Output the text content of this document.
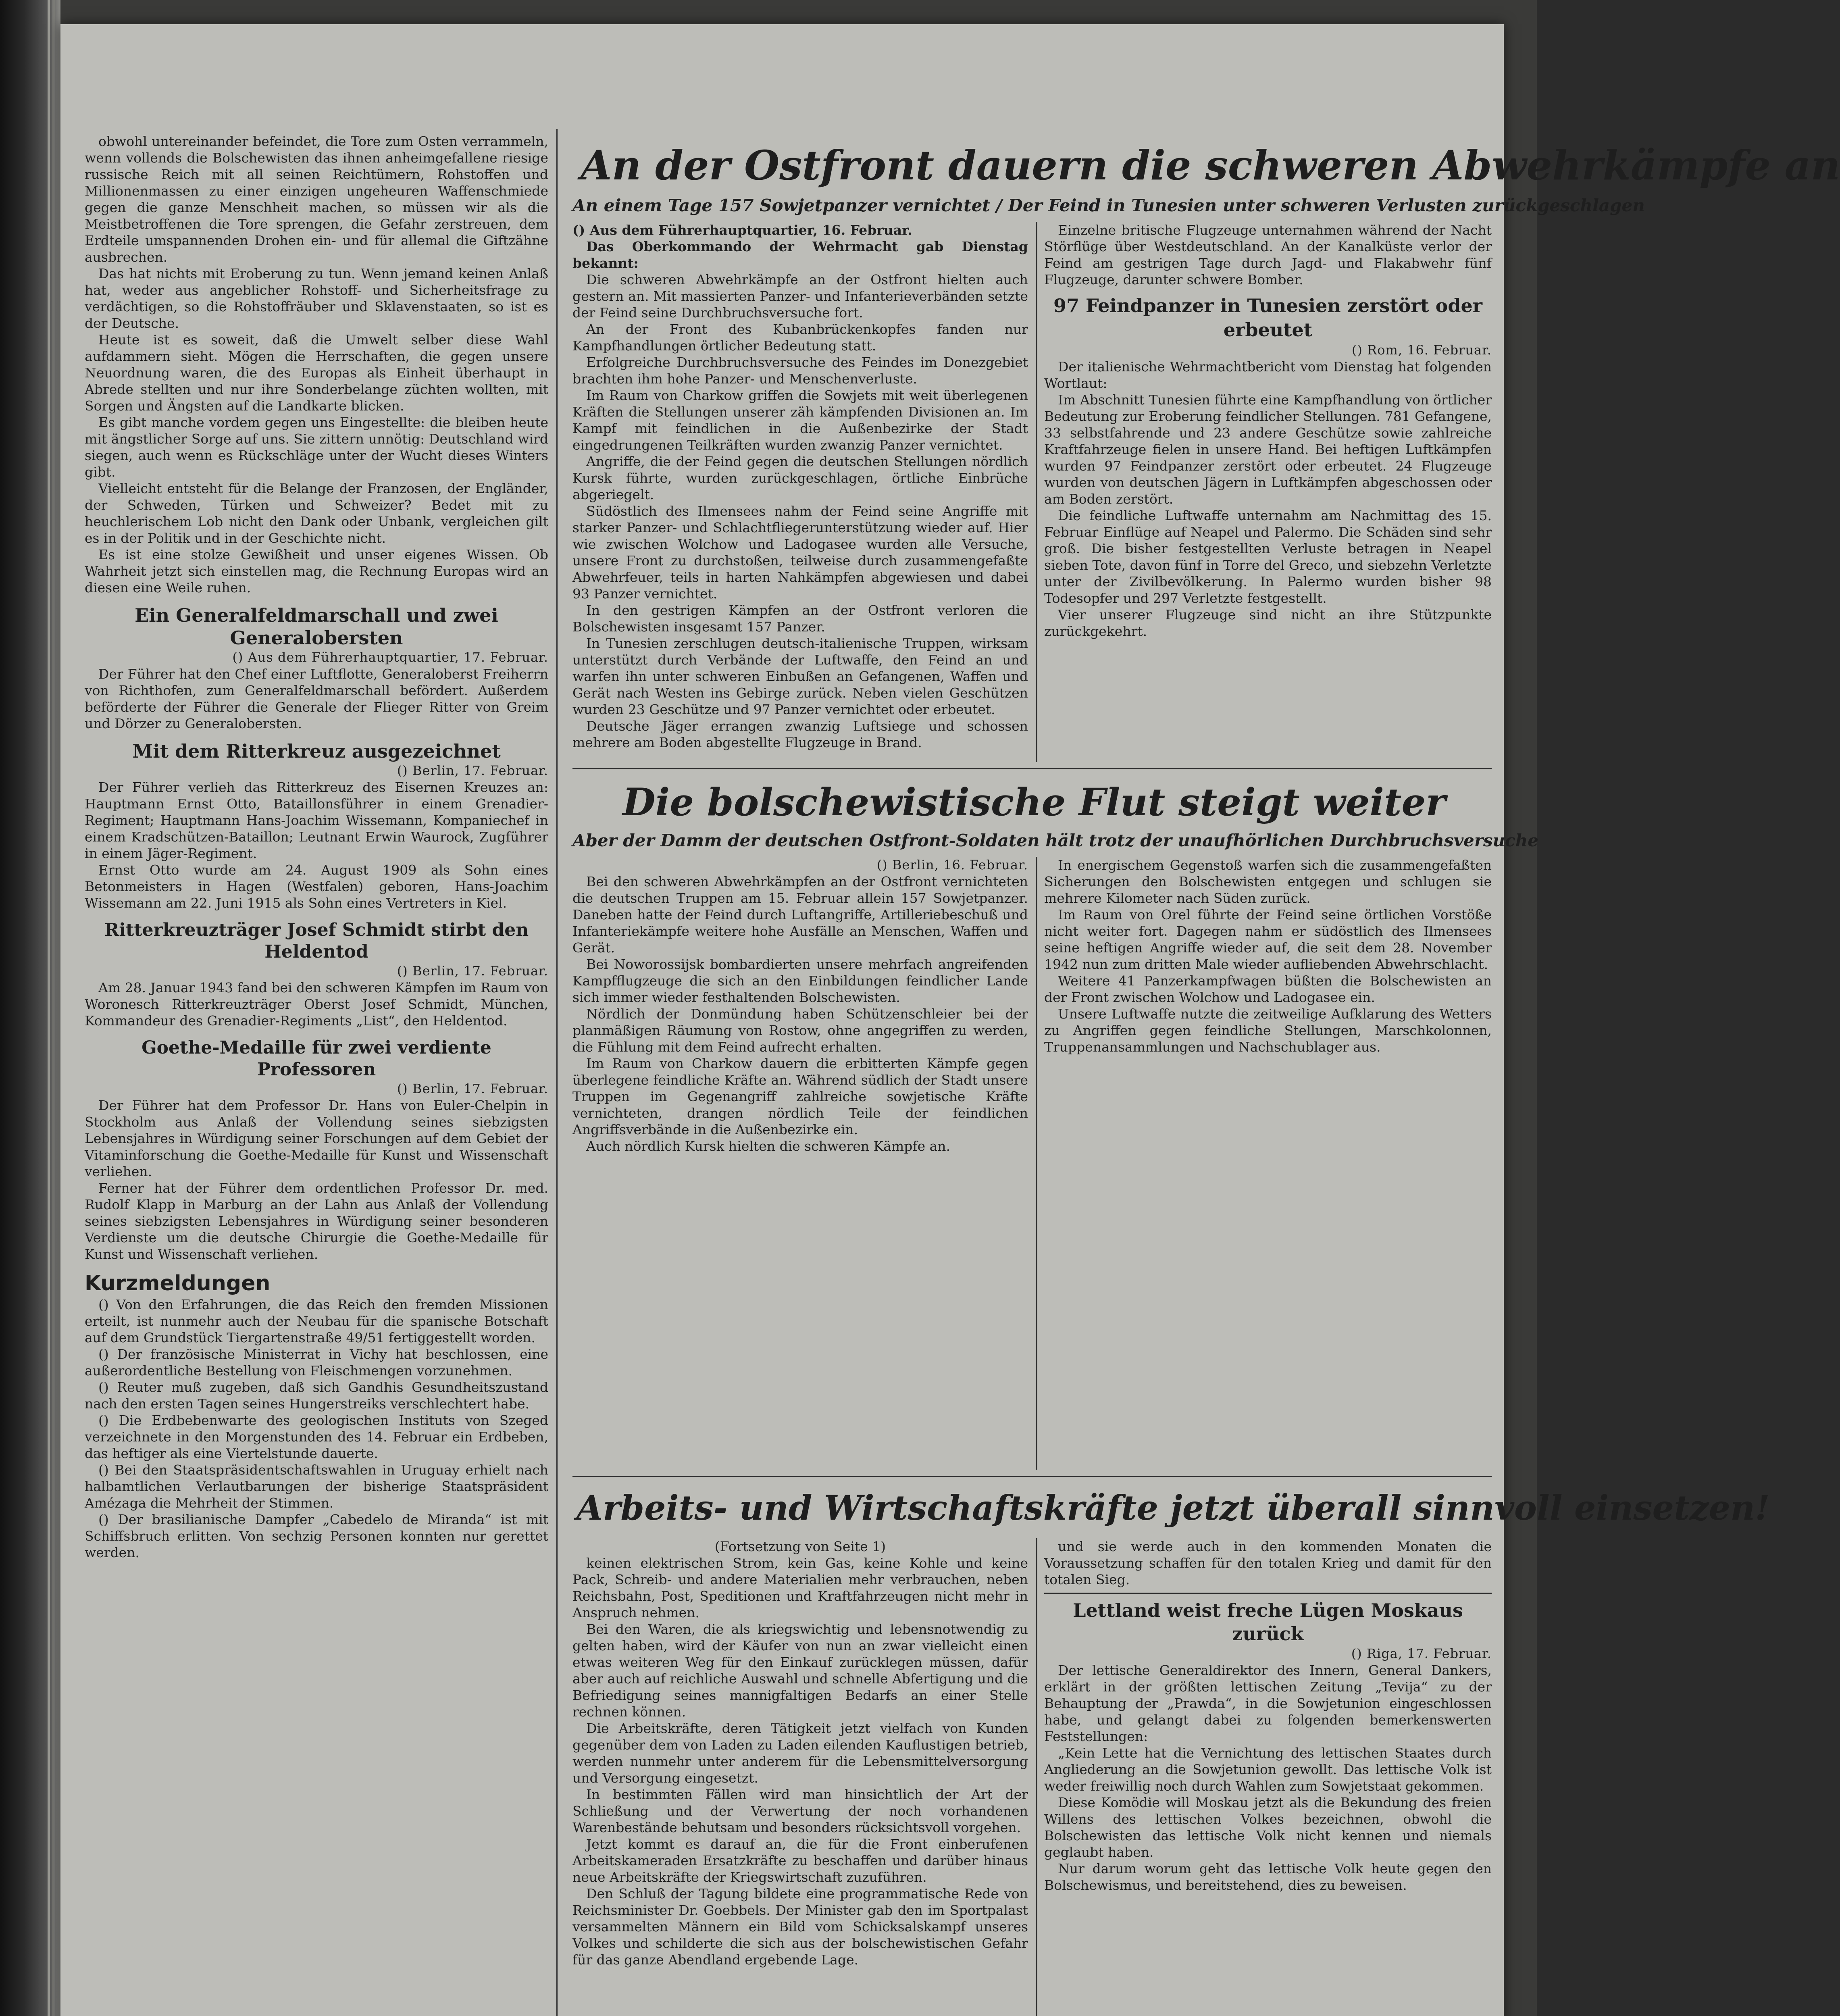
obwohl untereinander befeindet, die Tore zum Osten verrammeln, wenn vollends die Bolschewisten das ihnen anheimgefallene riesige russische Reich mit all seinen Reichtümern, Rohstoffen und Millionenmassen zu einer einzigen ungeheuren Waffenschmiede gegen die ganze Menschheit machen, so müssen wir als die Meistbetroffenen die Tore sprengen, die Gefahr zerstreuen, dem Erdteile umspannenden Drohen ein- und für allemal die Giftzähne ausbrechen.

Das hat nichts mit Eroberung zu tun. Wenn jemand keinen Anlaß hat, weder aus angeblicher Rohstoff- und Sicherheitsfrage zu verdächtigen, so die Rohstoffräuber und Sklavenstaaten, so ist es der Deutsche.

Heute ist es soweit, daß die Umwelt selber diese Wahl aufdammern sieht. Mögen die Herrschaften, die gegen unsere Neuordnung waren, die des Europas als Einheit überhaupt in Abrede stellten und nur ihre Sonderbelange züchten wollten, mit Sorgen und Ängsten auf die Landkarte blicken.

Es gibt manche vordem gegen uns Eingestellte: die bleiben heute mit ängstlicher Sorge auf uns. Sie zittern unnötig: Deutschland wird siegen, auch wenn es Rückschläge unter der Wucht dieses Winters gibt.

Vielleicht entsteht für die Belange der Franzosen, der Engländer, der Schweden, Türken und Schweizer? Bedet mit zu heuchlerischem Lob nicht den Dank oder Unbank, vergleichen gilt es in der Politik und in der Geschichte nicht.

Es ist eine stolze Gewißheit und unser eigenes Wissen. Ob Wahrheit jetzt sich einstellen mag, die Rechnung Europas wird an diesen eine Weile ruhen.

Ein Generalfeldmarschall und zwei Generalobersten
() Aus dem Führerhauptquartier, 17. Februar.

Der Führer hat den Chef einer Luftflotte, Generaloberst Freiherrn von Richthofen, zum Generalfeldmarschall befördert. Außerdem beförderte der Führer die Generale der Flieger Ritter von Greim und Dörzer zu Generalobersten.

Mit dem Ritterkreuz ausgezeichnet
() Berlin, 17. Februar.

Der Führer verlieh das Ritterkreuz des Eisernen Kreuzes an: Hauptmann Ernst Otto, Bataillonsführer in einem Grenadier-Regiment; Hauptmann Hans-Joachim Wissemann, Kompaniechef in einem Kradschützen-Bataillon; Leutnant Erwin Waurock, Zugführer in einem Jäger-Regiment.

Ernst Otto wurde am 24. August 1909 als Sohn eines Betonmeisters in Hagen (Westfalen) geboren, Hans-Joachim Wissemann am 22. Juni 1915 als Sohn eines Vertreters in Kiel.

Ritterkreuzträger Josef Schmidt stirbt den Heldentod
() Berlin, 17. Februar.

Am 28. Januar 1943 fand bei den schweren Kämpfen im Raum von Woronesch Ritterkreuzträger Oberst Josef Schmidt, München, Kommandeur des Grenadier-Regiments „List“, den Heldentod.

Goethe-Medaille für zwei verdiente Professoren
() Berlin, 17. Februar.

Der Führer hat dem Professor Dr. Hans von Euler-Chelpin in Stockholm aus Anlaß der Vollendung seines siebzigsten Lebensjahres in Würdigung seiner Forschungen auf dem Gebiet der Vitaminforschung die Goethe-Medaille für Kunst und Wissenschaft verliehen.

Ferner hat der Führer dem ordentlichen Professor Dr. med. Rudolf Klapp in Marburg an der Lahn aus Anlaß der Vollendung seines siebzigsten Lebensjahres in Würdigung seiner besonderen Verdienste um die deutsche Chirurgie die Goethe-Medaille für Kunst und Wissenschaft verliehen.

Kurzmeldungen

() Von den Erfahrungen, die das Reich den fremden Missionen erteilt, ist nunmehr auch der Neubau für die spanische Botschaft auf dem Grundstück Tiergartenstraße 49/51 fertiggestellt worden.

() Der französische Ministerrat in Vichy hat beschlossen, eine außerordentliche Bestellung von Fleischmengen vorzunehmen.

() Reuter muß zugeben, daß sich Gandhis Gesundheitszustand nach den ersten Tagen seines Hungerstreiks verschlechtert habe.

() Die Erdbebenwarte des geologischen Instituts von Szeged verzeichnete in den Morgenstunden des 14. Februar ein Erdbeben, das heftiger als eine Viertelstunde dauerte.

() Bei den Staatspräsidentschaftswahlen in Uruguay erhielt nach halbamtlichen Verlautbarungen der bisherige Staatspräsident Amézaga die Mehrheit der Stimmen.

() Der brasilianische Dampfer „Cabedelo de Miranda“ ist mit Schiffsbruch erlitten. Von sechzig Personen konnten nur gerettet werden.

An der Ostfront dauern die schweren Abwehrkämpfe an
An einem Tage 157 Sowjetpanzer vernichtet / Der Feind in Tunesien unter schweren Verlusten zurückgeschlagen
() Aus dem Führerhauptquartier, 16. Februar.

Das Oberkommando der Wehrmacht gab Dienstag bekannt:

Die schweren Abwehrkämpfe an der Ostfront hielten auch gestern an. Mit massierten Panzer- und Infanterieverbänden setzte der Feind seine Durchbruchsversuche fort.

An der Front des Kubanbrückenkopfes fanden nur Kampfhandlungen örtlicher Bedeutung statt.

Erfolgreiche Durchbruchsversuche des Feindes im Donezgebiet brachten ihm hohe Panzer- und Menschenverluste.

Im Raum von Charkow griffen die Sowjets mit weit überlegenen Kräften die Stellungen unserer zäh kämpfenden Divisionen an. Im Kampf mit feindlichen in die Außenbezirke der Stadt eingedrungenen Teilkräften wurden zwanzig Panzer vernichtet.

Angriffe, die der Feind gegen die deutschen Stellungen nördlich Kursk führte, wurden zurückgeschlagen, örtliche Einbrüche abgeriegelt.

Südöstlich des Ilmensees nahm der Feind seine Angriffe mit starker Panzer- und Schlachtfliegerunterstützung wieder auf. Hier wie zwischen Wolchow und Ladogasee wurden alle Versuche, unsere Front zu durchstoßen, teilweise durch zusammengefaßte Abwehrfeuer, teils in harten Nahkämpfen abgewiesen und dabei 93 Panzer vernichtet.

In den gestrigen Kämpfen an der Ostfront verloren die Bolschewisten insgesamt 157 Panzer.

In Tunesien zerschlugen deutsch-italienische Truppen, wirksam unterstützt durch Verbände der Luftwaffe, den Feind an und warfen ihn unter schweren Einbußen an Gefangenen, Waffen und Gerät nach Westen ins Gebirge zurück. Neben vielen Geschützen wurden 23 Geschütze und 97 Panzer vernichtet oder erbeutet.

Deutsche Jäger errangen zwanzig Luftsiege und schossen mehrere am Boden abgestellte Flugzeuge in Brand.

Einzelne britische Flugzeuge unternahmen während der Nacht Störflüge über Westdeutschland. An der Kanalküste verlor der Feind am gestrigen Tage durch Jagd- und Flakabwehr fünf Flugzeuge, darunter schwere Bomber.

97 Feindpanzer in Tunesien zerstört oder erbeutet
() Rom, 16. Februar.

Der italienische Wehrmachtbericht vom Dienstag hat folgenden Wortlaut:

Im Abschnitt Tunesien führte eine Kampfhandlung von örtlicher Bedeutung zur Eroberung feindlicher Stellungen. 781 Gefangene, 33 selbstfahrende und 23 andere Geschütze sowie zahlreiche Kraftfahrzeuge fielen in unsere Hand. Bei heftigen Luftkämpfen wurden 97 Feindpanzer zerstört oder erbeutet. 24 Flugzeuge wurden von deutschen Jägern in Luftkämpfen abgeschossen oder am Boden zerstört.

Die feindliche Luftwaffe unternahm am Nachmittag des 15. Februar Einflüge auf Neapel und Palermo. Die Schäden sind sehr groß. Die bisher festgestellten Verluste betragen in Neapel sieben Tote, davon fünf in Torre del Greco, und siebzehn Verletzte unter der Zivilbevölkerung. In Palermo wurden bisher 98 Todesopfer und 297 Verletzte festgestellt.

Vier unserer Flugzeuge sind nicht an ihre Stützpunkte zurückgekehrt.

Die bolschewistische Flut steigt weiter
Aber der Damm der deutschen Ostfront-Soldaten hält trotz der unaufhörlichen Durchbruchsversuche
() Berlin, 16. Februar.

Bei den schweren Abwehrkämpfen an der Ostfront vernichteten die deutschen Truppen am 15. Februar allein 157 Sowjetpanzer. Daneben hatte der Feind durch Luftangriffe, Artilleriebeschuß und Infanteriekämpfe weitere hohe Ausfälle an Menschen, Waffen und Gerät.

Bei Noworossijsk bombardierten unsere mehrfach angreifenden Kampfflugzeuge die sich an den Einbildungen feindlicher Lande sich immer wieder festhaltenden Bolschewisten.

Nördlich der Donmündung haben Schützenschleier bei der planmäßigen Räumung von Rostow, ohne angegriffen zu werden, die Fühlung mit dem Feind aufrecht erhalten.

Im Raum von Charkow dauern die erbitterten Kämpfe gegen überlegene feindliche Kräfte an. Während südlich der Stadt unsere Truppen im Gegenangriff zahlreiche sowjetische Kräfte vernichteten, drangen nördlich Teile der feindlichen Angriffsverbände in die Außenbezirke ein.

Auch nördlich Kursk hielten die schweren Kämpfe an.

In energischem Gegenstoß warfen sich die zusammengefaßten Sicherungen den Bolschewisten entgegen und schlugen sie mehrere Kilometer nach Süden zurück.

Im Raum von Orel führte der Feind seine örtlichen Vorstöße nicht weiter fort. Dagegen nahm er südöstlich des Ilmensees seine heftigen Angriffe wieder auf, die seit dem 28. November 1942 nun zum dritten Male wieder aufliebenden Abwehrschlacht.

Weitere 41 Panzerkampfwagen büßten die Bolschewisten an der Front zwischen Wolchow und Ladogasee ein.

Unsere Luftwaffe nutzte die zeitweilige Aufklarung des Wetters zu Angriffen gegen feindliche Stellungen, Marschkolonnen, Truppenansammlungen und Nachschublager aus.

Arbeits- und Wirtschaftskräfte jetzt überall sinnvoll einsetzen!
(Fortsetzung von Seite 1)

keinen elektrischen Strom, kein Gas, keine Kohle und keine Pack, Schreib- und andere Materialien mehr verbrauchen, neben Reichsbahn, Post, Speditionen und Kraftfahrzeugen nicht mehr in Anspruch nehmen.

Bei den Waren, die als kriegswichtig und lebensnotwendig zu gelten haben, wird der Käufer von nun an zwar vielleicht einen etwas weiteren Weg für den Einkauf zurücklegen müssen, dafür aber auch auf reichliche Auswahl und schnelle Abfertigung und die Befriedigung seines mannigfaltigen Bedarfs an einer Stelle rechnen können.

Die Arbeitskräfte, deren Tätigkeit jetzt vielfach von Kunden gegenüber dem von Laden zu Laden eilenden Kauflustigen betrieb, werden nunmehr unter anderem für die Lebensmittelversorgung und Versorgung eingesetzt.

In bestimmten Fällen wird man hinsichtlich der Art der Schließung und der Verwertung der noch vorhandenen Warenbestände behutsam und besonders rücksichtsvoll vorgehen.

Jetzt kommt es darauf an, die für die Front einberufenen Arbeitskameraden Ersatzkräfte zu beschaffen und darüber hinaus neue Arbeitskräfte der Kriegswirtschaft zuzuführen.

Den Schluß der Tagung bildete eine programmatische Rede von Reichsminister Dr. Goebbels. Der Minister gab den im Sportpalast versammelten Männern ein Bild vom Schicksalskampf unseres Volkes und schilderte die sich aus der bolschewistischen Gefahr für das ganze Abendland ergebende Lage.

und sie werde auch in den kommenden Monaten die Voraussetzung schaffen für den totalen Krieg und damit für den totalen Sieg.

Lettland weist freche Lügen Moskaus zurück
() Riga, 17. Februar.

Der lettische Generaldirektor des Innern, General Dankers, erklärt in der größten lettischen Zeitung „Tevija“ zu der Behauptung der „Prawda“, in die Sowjetunion eingeschlossen habe, und gelangt dabei zu folgenden bemerkenswerten Feststellungen:

„Kein Lette hat die Vernichtung des lettischen Staates durch Angliederung an die Sowjetunion gewollt. Das lettische Volk ist weder freiwillig noch durch Wahlen zum Sowjetstaat gekommen.

Diese Komödie will Moskau jetzt als die Bekundung des freien Willens des lettischen Volkes bezeichnen, obwohl die Bolschewisten das lettische Volk nicht kennen und niemals geglaubt haben.

Nur darum worum geht das lettische Volk heute gegen den Bolschewismus, und bereitstehend, dies zu beweisen.
